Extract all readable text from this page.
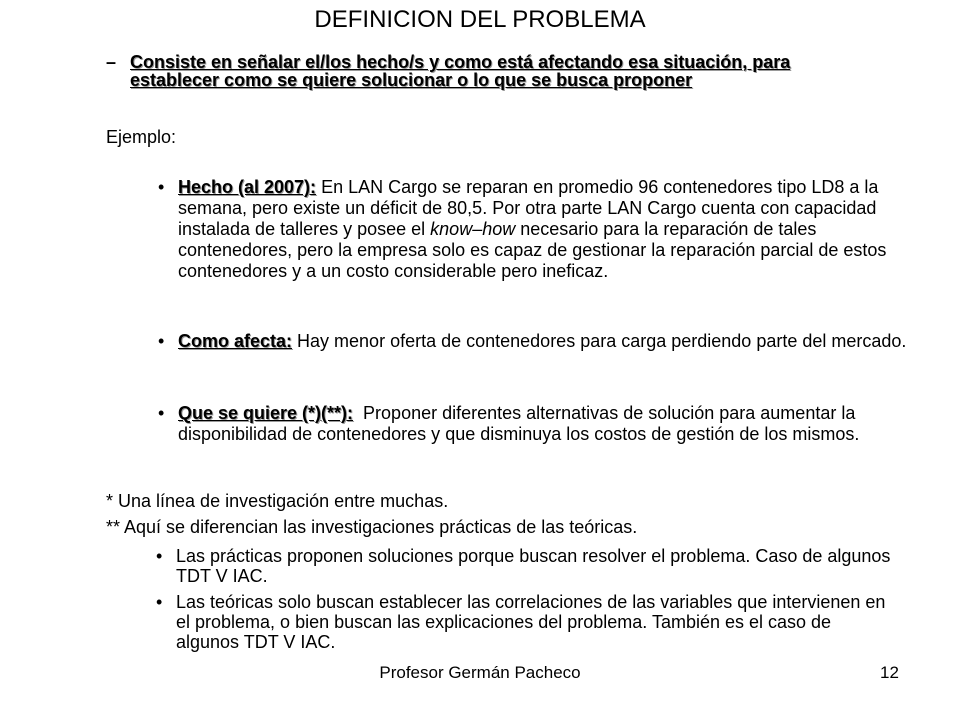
DEFINICION DEL PROBLEMA
– Consiste en señalar el/los hecho/s y como está afectando esa situación, para establecer como se quiere solucionar o lo que se busca proponer
Ejemplo:
• Hecho (al 2007): En LAN Cargo se reparan en promedio 96 contenedores tipo LD8 a la semana, pero existe un déficit de 80,5. Por otra parte LAN Cargo cuenta con capacidad instalada de talleres y posee el know–how necesario para la reparación de tales contenedores, pero la empresa solo es capaz de gestionar la reparación parcial de estos contenedores y a un costo considerable pero ineficaz.
• Como afecta: Hay menor oferta de contenedores para carga perdiendo parte del mercado.
• Que se quiere (*)(**):  Proponer diferentes alternativas de solución para aumentar la disponibilidad de contenedores y que disminuya los costos de gestión de los mismos.
* Una línea de investigación entre muchas.
** Aquí se diferencian las investigaciones prácticas de las teóricas.
• Las prácticas proponen soluciones porque buscan resolver el problema. Caso de algunos TDT V IAC.
• Las teóricas solo buscan establecer las correlaciones de las variables que intervienen en el problema, o bien buscan las explicaciones del problema. También es el caso de algunos TDT V IAC.
Profesor Germán Pacheco	12
